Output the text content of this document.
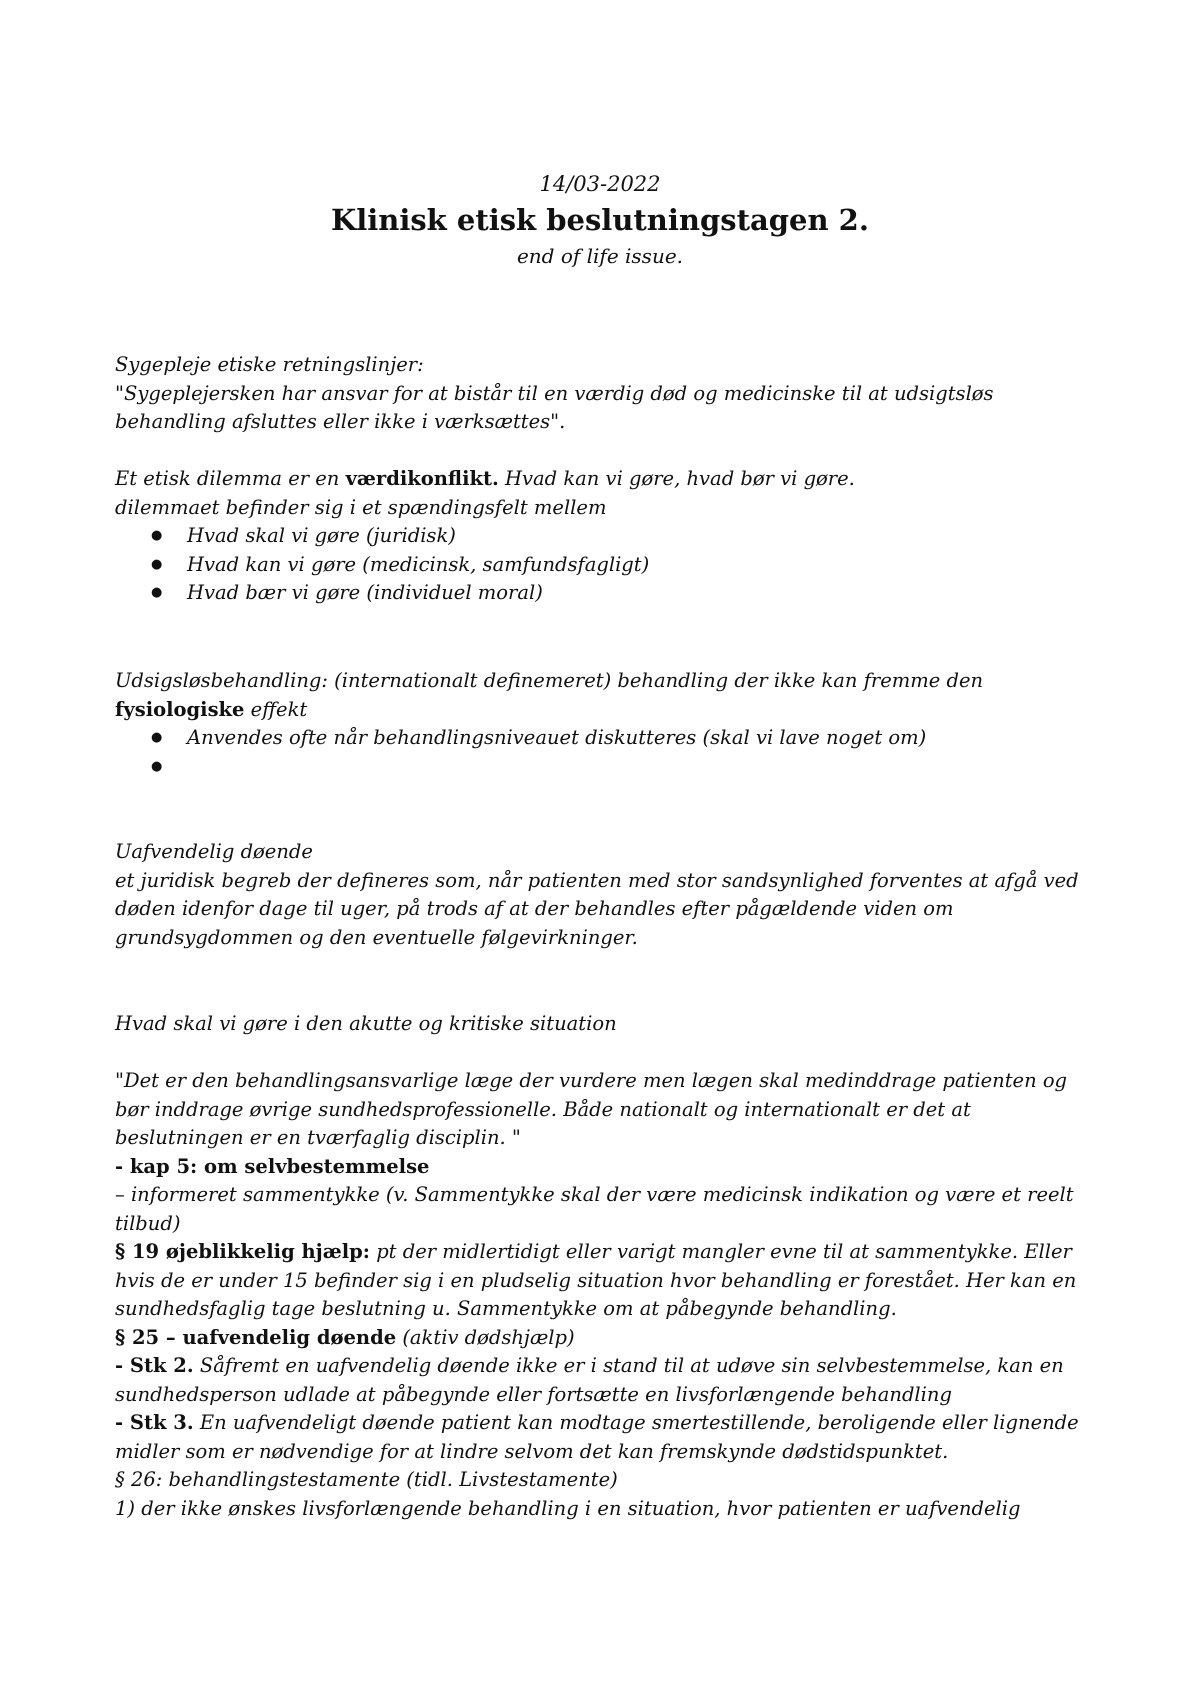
14/03-2022
Klinisk etisk beslutningstagen 2.
end of life issue.

Sygepleje etiske retningslinjer:

"Sygeplejersken har ansvar for at bistår til en værdig død og medicinske til at udsigtsløs

behandling afsluttes eller ikke i værksættes".

Et etisk dilemma er en værdikonflikt. Hvad kan vi gøre, hvad bør vi gøre.

dilemmaet befinder sig i et spændingsfelt mellem

● Hvad skal vi gøre (juridisk)
● Hvad kan vi gøre (medicinsk, samfundsfagligt)
● Hvad bær vi gøre (individuel moral)

Udsigsløsbehandling: (internationalt definemeret) behandling der ikke kan fremme den

fysiologiske effekt

● Anvendes ofte når behandlingsniveauet diskutteres (skal vi lave noget om)
●

Uafvendelig døende

et juridisk begreb der defineres som, når patienten med stor sandsynlighed forventes at afgå ved

døden idenfor dage til uger, på trods af at der behandles efter pågældende viden om

grundsygdommen og den eventuelle følgevirkninger.

Hvad skal vi gøre i den akutte og kritiske situation

"Det er den behandlingsansvarlige læge der vurdere men lægen skal medinddrage patienten og

bør inddrage øvrige sundhedsprofessionelle. Både nationalt og internationalt er det at

beslutningen er en tværfaglig disciplin. "

- kap 5: om selvbestemmelse

– informeret sammentykke (v. Sammentykke skal der være medicinsk indikation og være et reelt

tilbud)

§ 19 øjeblikkelig hjælp: pt der midlertidigt eller varigt mangler evne til at sammentykke. Eller

hvis de er under 15 befinder sig i en pludselig situation hvor behandling er forestået. Her kan en

sundhedsfaglig tage beslutning u. Sammentykke om at påbegynde behandling.

§ 25 – uafvendelig døende (aktiv dødshjælp)

- Stk 2. Såfremt en uafvendelig døende ikke er i stand til at udøve sin selvbestemmelse, kan en

sundhedsperson udlade at påbegynde eller fortsætte en livsforlængende behandling

- Stk 3. En uafvendeligt døende patient kan modtage smertestillende, beroligende eller lignende

midler som er nødvendige for at lindre selvom det kan fremskynde dødstidspunktet.

§ 26: behandlingstestamente (tidl. Livstestamente)

1) der ikke ønskes livsforlængende behandling i en situation, hvor patienten er uafvendelig
